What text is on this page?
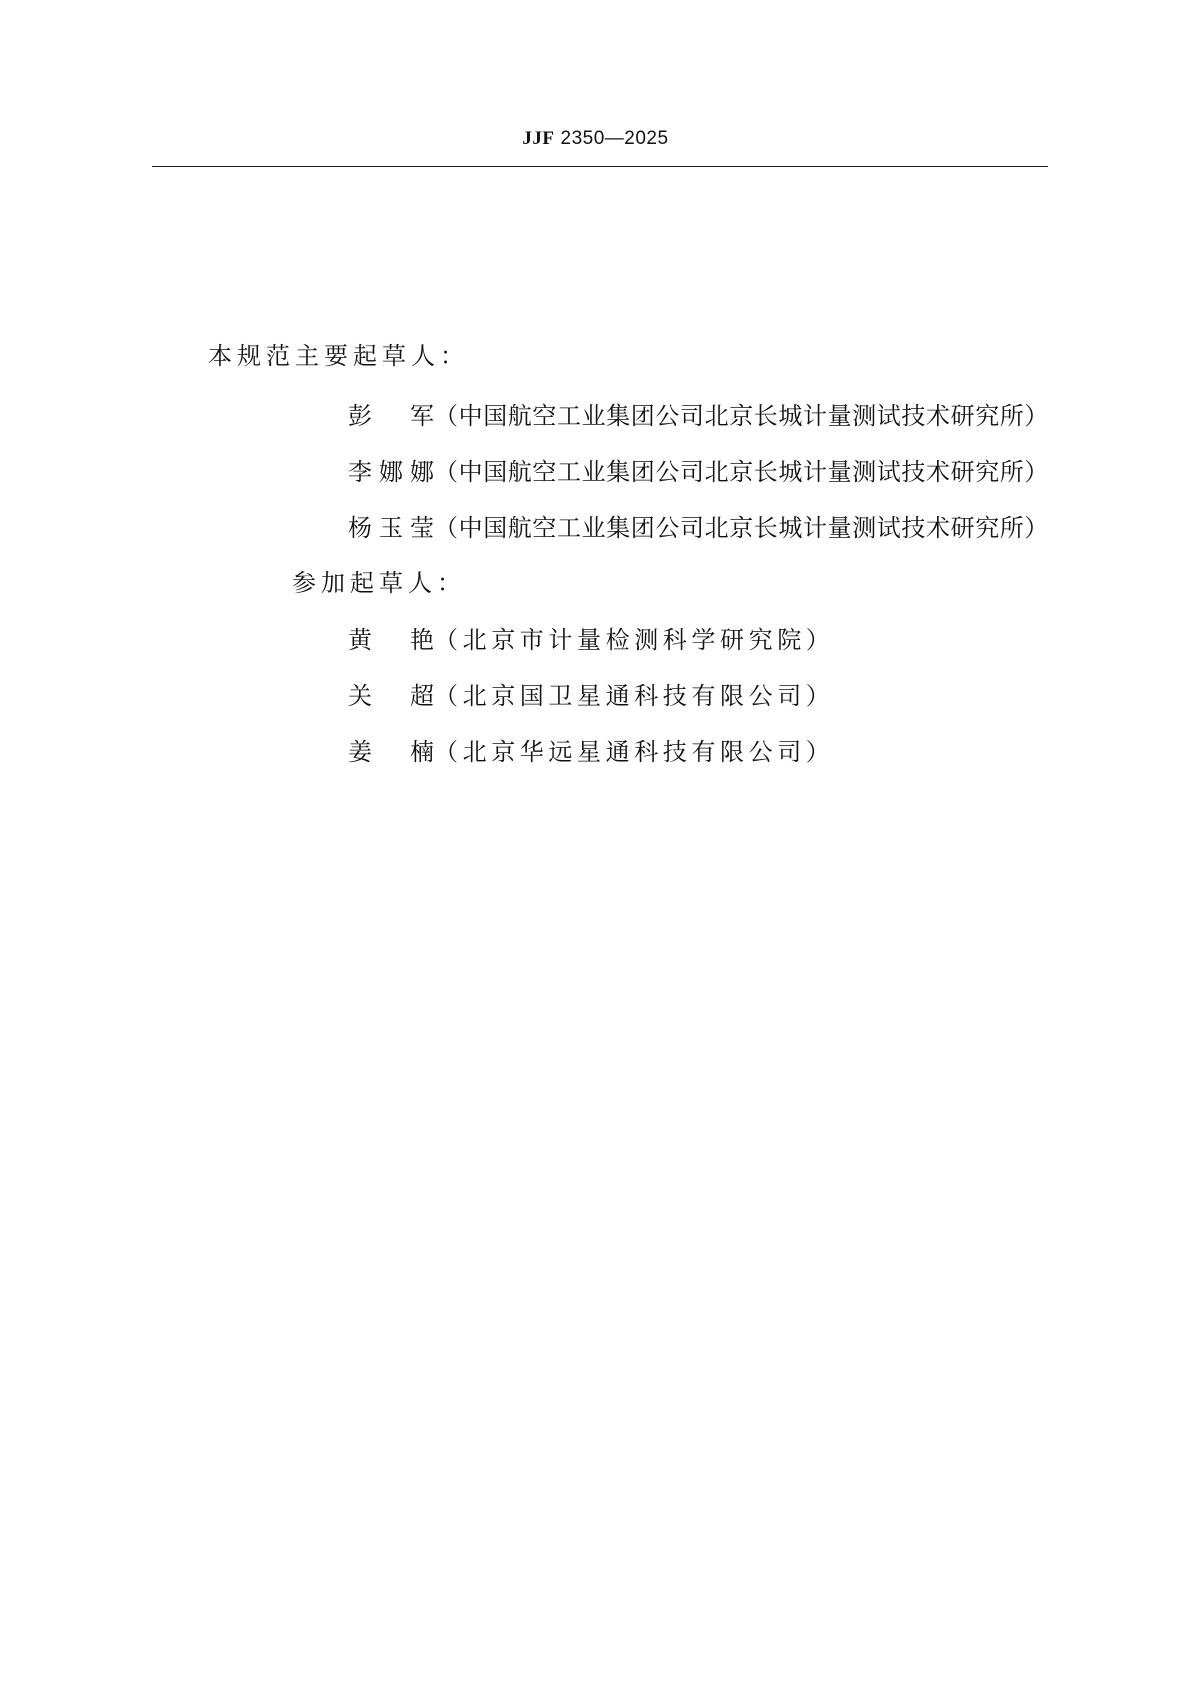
JJF 2350—2025
本规范主要起草人：
彭　军 （中国航空工业集团公司北京长城计量测试技术研究所）
李娜娜 （中国航空工业集团公司北京长城计量测试技术研究所）
杨玉莹 （中国航空工业集团公司北京长城计量测试技术研究所）
参加起草人：
黄　艳 （北京市计量检测科学研究院）
关　超 （北京国卫星通科技有限公司）
姜　楠 （北京华远星通科技有限公司）
